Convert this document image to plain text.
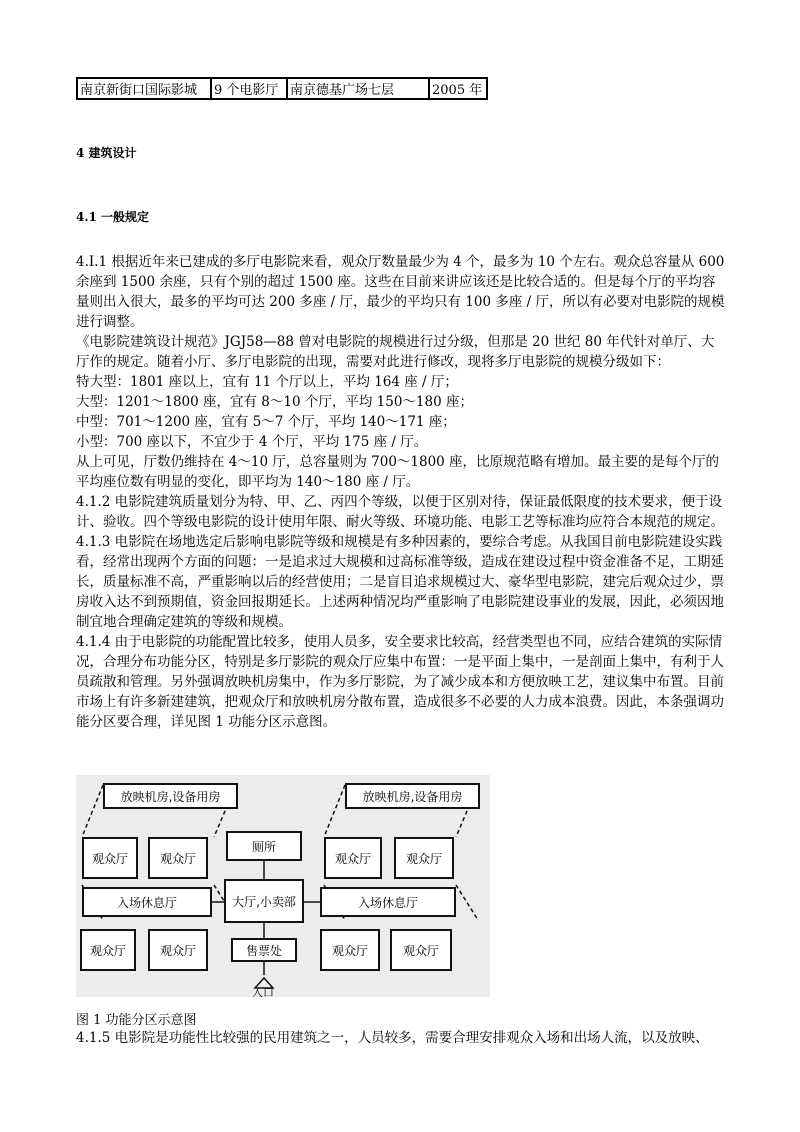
南京新街口国际影城	9 个电影厅	南京德基广场七层	2005 年
4 建筑设计
4.1 一般规定

4.I.1 根据近年来已建成的多厅电影院来看，观众厅数量最少为 4 个，最多为 10 个左右。观众总容量从 600 余座到 1500 余座，只有个别的超过 1500 座。这些在目前来讲应该还是比较合适的。但是每个厅的平均容量则出入很大，最多的平均可达 200 多座 / 厅，最少的平均只有 100 多座 / 厅，所以有必要对电影院的规模进行调整。

《电影院建筑设计规范》JGJ58—88 曾对电影院的规模进行过分级，但那是 20 世纪 80 年代针对单厅、大厅作的规定。随着小厅、多厅电影院的出现，需要对此进行修改，现将多厅电影院的规模分级如下：

特大型：1801 座以上，宜有 11 个厅以上，平均 164 座 / 厅；

大型：1201～1800 座，宜有 8～10 个厅，平均 150～180 座；

中型：701～1200 座，宜有 5～7 个厅，平均 140～171 座；

小型：700 座以下，不宜少于 4 个厅，平均 175 座 / 厅。

从上可见，厅数仍维持在 4～10 厅，总容量则为 700～1800 座，比原规范略有增加。最主要的是每个厅的平均座位数有明显的变化，即平均为 140～180 座 / 厅。

4.1.2 电影院建筑质量划分为特、甲、乙、丙四个等级，以便于区别对待，保证最低限度的技术要求，便于设计、验收。四个等级电影院的设计使用年限、耐火等级、环境功能、电影工艺等标准均应符合本规范的规定。

4.1.3 电影院在场地选定后影响电影院等级和规模是有多种因素的，要综合考虑。从我国目前电影院建设实践看，经常出现两个方面的问题：一是追求过大规模和过高标准等级，造成在建设过程中资金准备不足，工期延长，质量标准不高，严重影响以后的经营使用；二是盲目追求规模过大、豪华型电影院，建完后观众过少，票房收入达不到预期值，资金回报期延长。上述两种情况均严重影响了电影院建设事业的发展，因此，必须因地制宜地合理确定建筑的等级和规模。

4.1.4 由于电影院的功能配置比较多，使用人员多，安全要求比较高，经营类型也不同，应结合建筑的实际情况，合理分布功能分区，特别是多厅影院的观众厅应集中布置：一是平面上集中，一是剖面上集中，有利于人员疏散和管理。另外强调放映机房集中，作为多厅影院，为了减少成本和方便放映工艺，建议集中布置。目前市场上有许多新建建筑，把观众厅和放映机房分散布置，造成很多不必要的人力成本浪费。因此，本条强调功能分区要合理，详见图 1 功能分区示意图。

放映机房,设备用房	放映机房,设备用房
观众厅	观众厅	观众厅	观众厅
入场休息厅	入场休息厅
厕所
大厅,小卖部
售票处
观众厅	观众厅	观众厅	观众厅
入口
图 1 功能分区示意图
4.1.5 电影院是功能性比较强的民用建筑之一，人员较多，需要合理安排观众入场和出场人流，以及放映、
